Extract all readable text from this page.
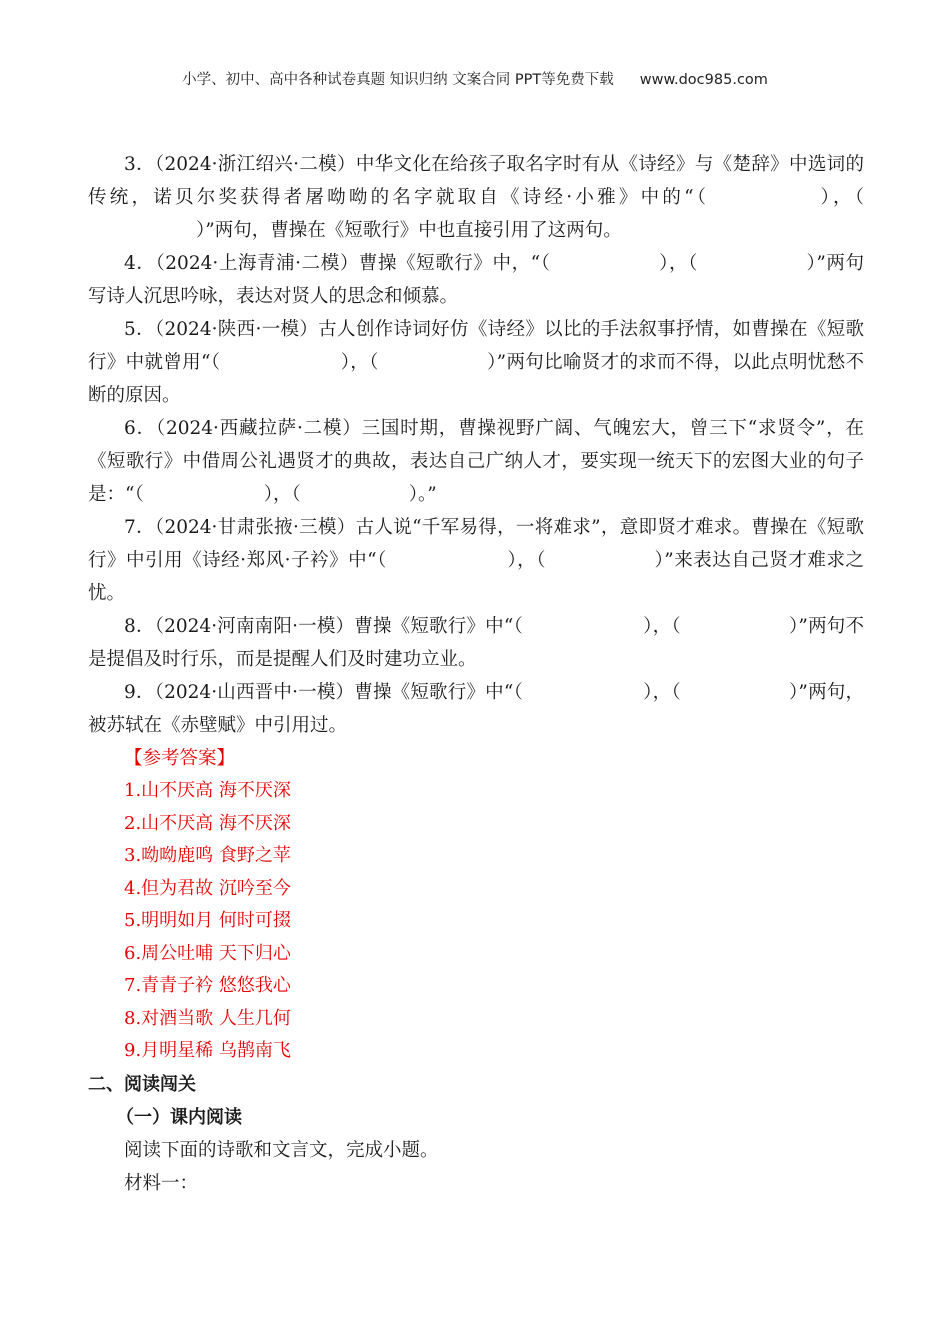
小学、初中、高中各种试卷真题 知识归纳 文案合同 PPT等免费下载 www.doc985.com

3．（2024·浙江绍兴·二模）中华文化在给孩子取名字时有从《诗经》与《楚辞》中选词的传统，诺贝尔奖获得者屠呦呦的名字就取自《诗经·小雅》中的“（	），（）”两句，曹操在《短歌行》中也直接引用了这两句。

4．（2024·上海青浦·二模）曹操《短歌行》中，“（	），（	）”两句写诗人沉思吟咏，表达对贤人的思念和倾慕。

5．（2024·陕西·一模）古人创作诗词好仿《诗经》以比的手法叙事抒情，如曹操在《短歌行》中就曾用“（	），（	）”两句比喻贤才的求而不得，以此点明忧愁不断的原因。

6．（2024·西藏拉萨·二模）三国时期，曹操视野广阔、气魄宏大，曾三下“求贤令”，在《短歌行》中借周公礼遇贤才的典故，表达自己广纳人才，要实现一统天下的宏图大业的句子是：“（	），（	）。”

7．（2024·甘肃张掖·三模）古人说“千军易得，一将难求”，意即贤才难求。曹操在《短歌行》中引用《诗经·郑风·子衿》中“（	），（	）”来表达自己贤才难求之忧。

8．（2024·河南南阳·一模）曹操《短歌行》中“（	），（	）”两句不是提倡及时行乐，而是提醒人们及时建功立业。

9．（2024·山西晋中·一模）曹操《短歌行》中“（	），（	）”两句，被苏轼在《赤壁赋》中引用过。

【参考答案】
1.山不厌高 海不厌深
2.山不厌高 海不厌深
3.呦呦鹿鸣 食野之苹
4.但为君故 沉吟至今
5.明明如月 何时可掇
6.周公吐哺 天下归心
7.青青子衿 悠悠我心
8.对酒当歌 人生几何
9.月明星稀 乌鹊南飞
二、阅读闯关
（一）课内阅读
阅读下面的诗歌和文言文，完成小题。
材料一：
